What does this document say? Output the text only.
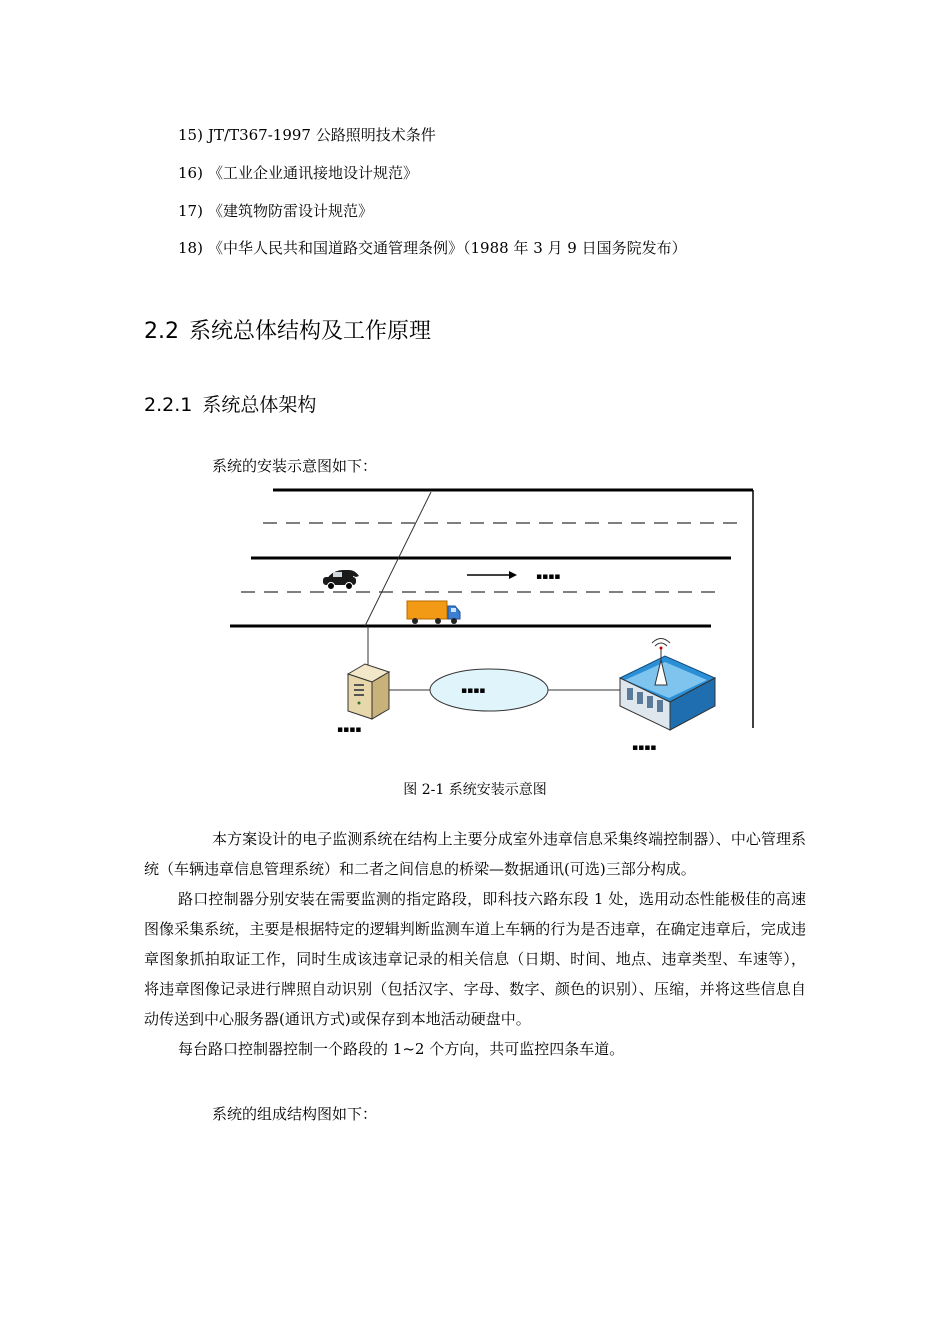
15) JT/T367-1997 公路照明技术条件
16) 《工业企业通讯接地设计规范》
17) 《建筑物防雷设计规范》
18) 《中华人民共和国道路交通管理条例》（1988 年 3 月 9 日国务院发布）
2.2 系统总体结构及工作原理
2.2.1 系统总体架构
系统的安装示意图如下：
▪▪▪▪
▪▪▪▪
▪▪▪▪
▪▪▪▪
图 2-1 系统安装示意图

本方案设计的电子监测系统在结构上主要分成室外违章信息采集终端控制器）、中心管理系统（车辆违章信息管理系统）和二者之间信息的桥梁—数据通讯(可选)三部分构成。

路口控制器分别安装在需要监测的指定路段，即科技六路东段 1 处，选用动态性能极佳的高速图像采集系统，主要是根据特定的逻辑判断监测车道上车辆的行为是否违章，在确定违章后，完成违章图象抓拍取证工作，同时生成该违章记录的相关信息（日期、时间、地点、违章类型、车速等），将违章图像记录进行牌照自动识别（包括汉字、字母、数字、颜色的识别）、压缩，并将这些信息自动传送到中心服务器(通讯方式)或保存到本地活动硬盘中。

每台路口控制器控制一个路段的 1~2 个方向，共可监控四条车道。

系统的组成结构图如下：
